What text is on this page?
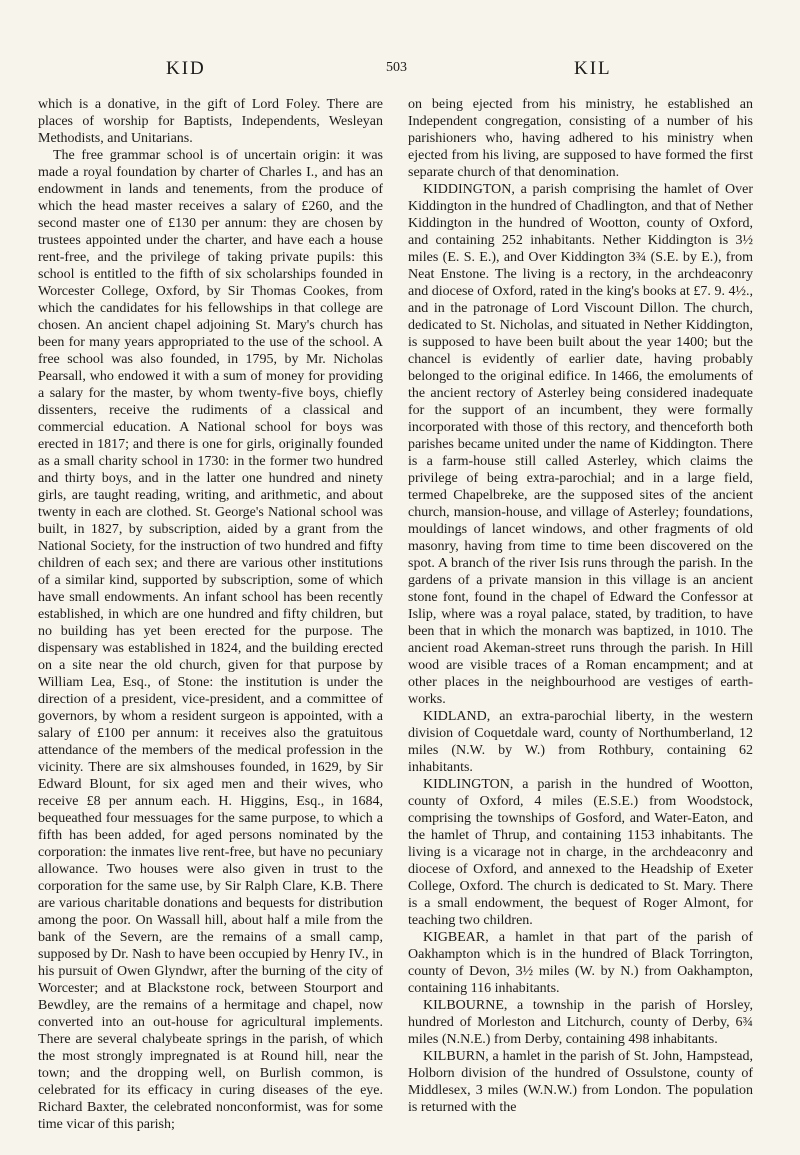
KID	503	KIL

which is a donative, in the gift of Lord Foley. There are places of worship for Baptists, Independents, Wesleyan Methodists, and Unitarians.

The free grammar school is of uncertain origin: it was made a royal foundation by charter of Charles I., and has an endowment in lands and tenements, from the produce of which the head master receives a salary of £260, and the second master one of £130 per annum: they are chosen by trustees appointed under the charter, and have each a house rent-free, and the privilege of taking private pupils: this school is entitled to the fifth of six scholarships founded in Worcester College, Oxford, by Sir Thomas Cookes, from which the candidates for his fellowships in that college are chosen. An ancient chapel adjoining St. Mary's church has been for many years appropriated to the use of the school. A free school was also founded, in 1795, by Mr. Nicholas Pearsall, who endowed it with a sum of money for providing a salary for the master, by whom twenty-five boys, chiefly dissenters, receive the rudiments of a classical and commercial education. A National school for boys was erected in 1817; and there is one for girls, originally founded as a small charity school in 1730: in the former two hundred and thirty boys, and in the latter one hundred and ninety girls, are taught reading, writing, and arithmetic, and about twenty in each are clothed. St. George's National school was built, in 1827, by subscription, aided by a grant from the National Society, for the instruction of two hundred and fifty children of each sex; and there are various other institutions of a similar kind, supported by subscription, some of which have small endowments. An infant school has been recently established, in which are one hundred and fifty children, but no building has yet been erected for the purpose. The dispensary was established in 1824, and the building erected on a site near the old church, given for that purpose by William Lea, Esq., of Stone: the institution is under the direction of a president, vice-president, and a committee of governors, by whom a resident surgeon is appointed, with a salary of £100 per annum: it receives also the gratuitous attendance of the members of the medical profession in the vicinity. There are six almshouses founded, in 1629, by Sir Edward Blount, for six aged men and their wives, who receive £8 per annum each. H. Higgins, Esq., in 1684, bequeathed four messuages for the same purpose, to which a fifth has been added, for aged persons nominated by the corporation: the inmates live rent-free, but have no pecuniary allowance. Two houses were also given in trust to the corporation for the same use, by Sir Ralph Clare, K.B. There are various charitable donations and bequests for distribution among the poor. On Wassall hill, about half a mile from the bank of the Severn, are the remains of a small camp, supposed by Dr. Nash to have been occupied by Henry IV., in his pursuit of Owen Glyndwr, after the burning of the city of Worcester; and at Blackstone rock, between Stourport and Bewdley, are the remains of a hermitage and chapel, now converted into an out-house for agricultural implements. There are several chalybeate springs in the parish, of which the most strongly impregnated is at Round hill, near the town; and the dropping well, on Burlish common, is celebrated for its efficacy in curing diseases of the eye. Richard Baxter, the celebrated nonconformist, was for some time vicar of this parish;

on being ejected from his ministry, he established an Independent congregation, consisting of a number of his parishioners who, having adhered to his ministry when ejected from his living, are supposed to have formed the first separate church of that denomination.

KIDDINGTON, a parish comprising the hamlet of Over Kiddington in the hundred of Chadlington, and that of Nether Kiddington in the hundred of Wootton, county of Oxford, and containing 252 inhabitants. Nether Kiddington is 3½ miles (E. S. E.), and Over Kiddington 3¾ (S.E. by E.), from Neat Enstone. The living is a rectory, in the archdeaconry and diocese of Oxford, rated in the king's books at £7. 9. 4½., and in the patronage of Lord Viscount Dillon. The church, dedicated to St. Nicholas, and situated in Nether Kiddington, is supposed to have been built about the year 1400; but the chancel is evidently of earlier date, having probably belonged to the original edifice. In 1466, the emoluments of the ancient rectory of Asterley being considered inadequate for the support of an incumbent, they were formally incorporated with those of this rectory, and thenceforth both parishes became united under the name of Kiddington. There is a farm-house still called Asterley, which claims the privilege of being extra-parochial; and in a large field, termed Chapelbreke, are the supposed sites of the ancient church, mansion-house, and village of Asterley; foundations, mouldings of lancet windows, and other fragments of old masonry, having from time to time been discovered on the spot. A branch of the river Isis runs through the parish. In the gardens of a private mansion in this village is an ancient stone font, found in the chapel of Edward the Confessor at Islip, where was a royal palace, stated, by tradition, to have been that in which the monarch was baptized, in 1010. The ancient road Akeman-street runs through the parish. In Hill wood are visible traces of a Roman encampment; and at other places in the neighbourhood are vestiges of earth-works.

KIDLAND, an extra-parochial liberty, in the western division of Coquetdale ward, county of Northumberland, 12 miles (N.W. by W.) from Rothbury, containing 62 inhabitants.

KIDLINGTON, a parish in the hundred of Wootton, county of Oxford, 4 miles (E.S.E.) from Woodstock, comprising the townships of Gosford, and Water-Eaton, and the hamlet of Thrup, and containing 1153 inhabitants. The living is a vicarage not in charge, in the archdeaconry and diocese of Oxford, and annexed to the Headship of Exeter College, Oxford. The church is dedicated to St. Mary. There is a small endowment, the bequest of Roger Almont, for teaching two children.

KIGBEAR, a hamlet in that part of the parish of Oakhampton which is in the hundred of Black Torrington, county of Devon, 3½ miles (W. by N.) from Oakhampton, containing 116 inhabitants.

KILBOURNE, a township in the parish of Horsley, hundred of Morleston and Litchurch, county of Derby, 6¾ miles (N.N.E.) from Derby, containing 498 inhabitants.

KILBURN, a hamlet in the parish of St. John, Hampstead, Holborn division of the hundred of Ossulstone, county of Middlesex, 3 miles (W.N.W.) from London. The population is returned with the
